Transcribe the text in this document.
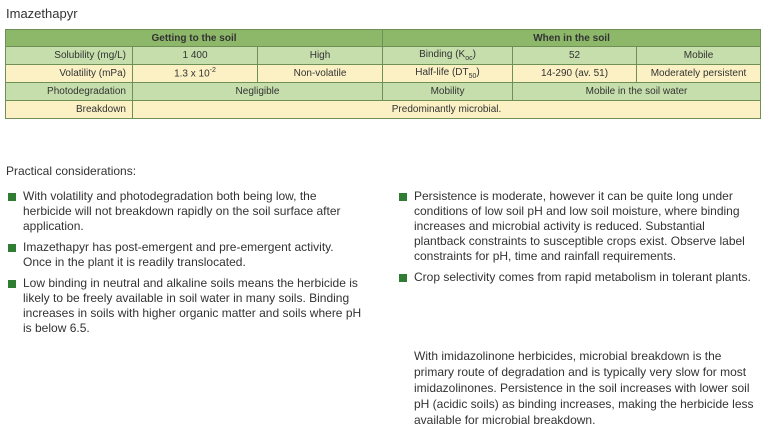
Imazethapyr
Getting to the soil			When in the soil		
Solubility (mg/L)	1 400	High	Binding $(K_{oc})$	52	Mobile
Volatility (mPa)	1.3 x $10^{-2}$	Non-volatile	Half-life $(DT_{50})$	14-290 (av. 51)	Moderately persistent
Photodegradation	Negligible		Mobility	Mobile in the soil water	
Breakdown	Predominantly microbial.				
Practical considerations:
With volatility and photodegradation both being low, the herbicide will not breakdown rapidly on the soil surface after application.
Imazethapyr has post-emergent and pre-emergent activity. Once in the plant it is readily translocated.
Low binding in neutral and alkaline soils means the herbicide is likely to be freely available in soil water in many soils. Binding increases in soils with higher organic matter and soils where pH is below 6.5.
Persistence is moderate, however it can be quite long under conditions of low soil pH and low soil moisture, where binding increases and microbial activity is reduced. Substantial plantback constraints to susceptible crops exist. Observe label constraints for pH, time and rainfall requirements.
Crop selectivity comes from rapid metabolism in tolerant plants.

With imidazolinone herbicides, microbial breakdown is the primary route of degradation and is typically very slow for most imidazolinones. Persistence in the soil increases with lower soil pH (acidic soils) as binding increases, making the herbicide less available for microbial breakdown.
